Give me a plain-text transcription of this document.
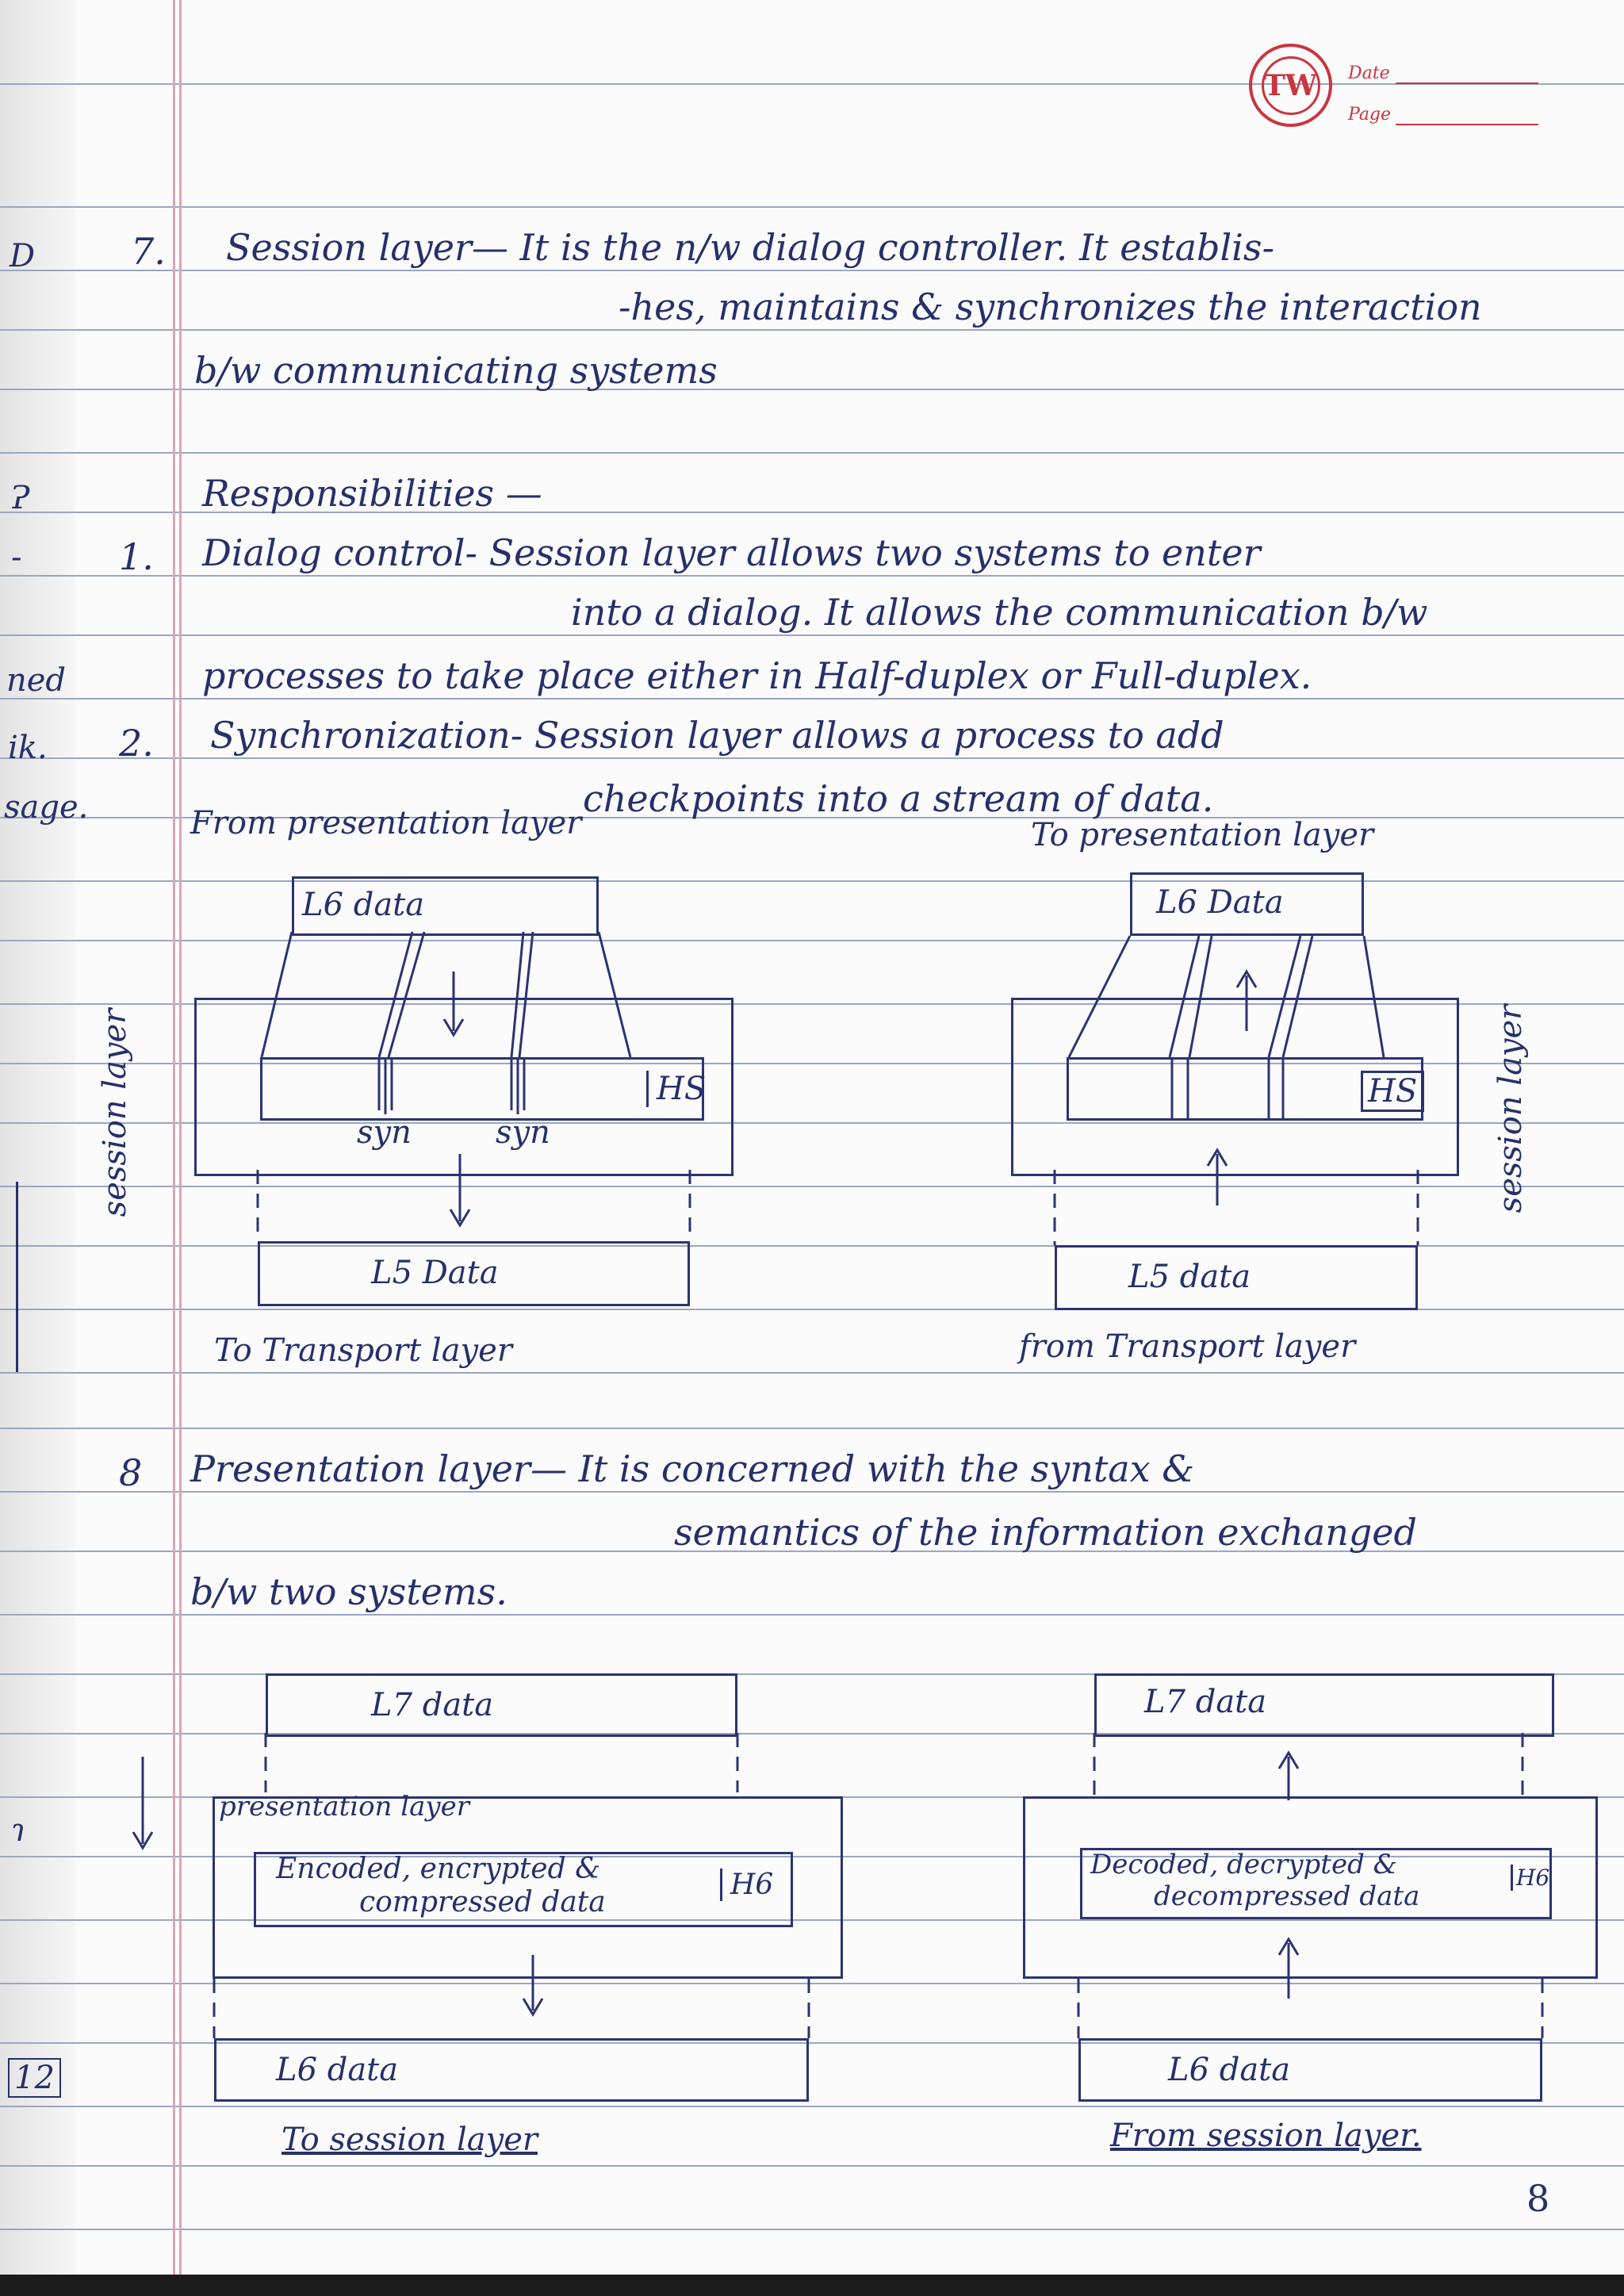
TW Date
Page
D
Ɂ
-
ned
ik.
sage.
ɿ
12
7. Session layer— It is the n/w dialog controller. It establis-
-hes, maintains & synchronizes the interaction
b/w communicating systems
Responsibilities —
1. Dialog control- Session layer allows two systems to enter
into a dialog. It allows the communication b/w
processes to take place either in Half-duplex or Full-duplex.
2. Synchronization- Session layer allows a process to add
checkpoints into a stream of data.
From presentation layer
L6 data
HS
syn	syn
L5 Data
To Transport layer
session layer
To presentation layer
L6 Data
HS
L5 data
from Transport layer
session layer
8 Presentation layer— It is concerned with the syntax &
semantics of the information exchanged
b/w two systems.
L7 data
presentation layer
Encoded, encrypted &
compressed data
H6
L6 data
To session layer
L7 data
Decoded, decrypted &
decompressed data
H6
L6 data
From session layer.
8
